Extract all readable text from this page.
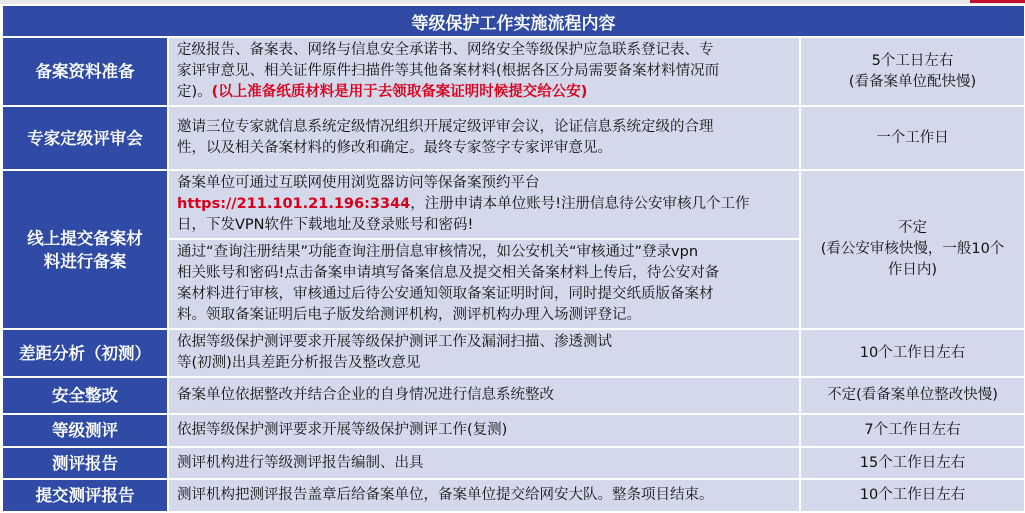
等级保护工作实施流程内容		
备案资料准备	定级报告、备案表、网络与信息安全承诺书、网络安全等级保护应急联系登记表、专
家评审意见、相关证件原件扫描件等其他备案材料(根据各区分局需要备案材料情况而
定)。(以上准备纸质材料是用于去领取备案证明时候提交给公安)	5个工日左右
(看备案单位配快慢)

专家定级评审会	邀请三位专家就信息系统定级情况组织开展定级评审会议，论证信息系统定级的合理
性，以及相关备案材料的修改和确定。最终专家签字专家评审意见。	一个工作日

线上提交备案材
料进行备案	备案单位可通过互联网使用浏览器访问等保备案预约平台
https://211.101.21.196:3344，注册申请本单位账号!注册信息待公安审核几个工作
日，下发VPN软件下载地址及登录账号和密码!	不定
(看公安审核快慢，一般10个
作日内)

	通过“查询注册结果”功能查询注册信息审核情况，如公安机关“审核通过”登录vpn
相关账号和密码!点击备案申请填写备案信息及提交相关备案材料上传后，待公安对备
案材料进行审核，审核通过后待公安通知领取备案证明时间，同时提交纸质版备案材
料。领取备案证明后电子版发给测评机构，测评机构办理入场测评登记。	

差距分析（初测）	依据等级保护测评要求开展等级保护测评工作及漏洞扫描、渗透测试
等(初测)出具差距分析报告及整改意见	10个工作日左右
安全整改	备案单位依据整改并结合企业的自身情况进行信息系统整改	不定(看备案单位整改快慢)
等级测评	依据等级保护测评要求开展等级保护测评工作(复测)	7个工作日左右
测评报告	测评机构进行等级测评报告编制、出具	15个工作日左右
提交测评报告	测评机构把测评报告盖章后给备案单位，备案单位提交给网安大队。整条项目结束。	10个工作日左右
